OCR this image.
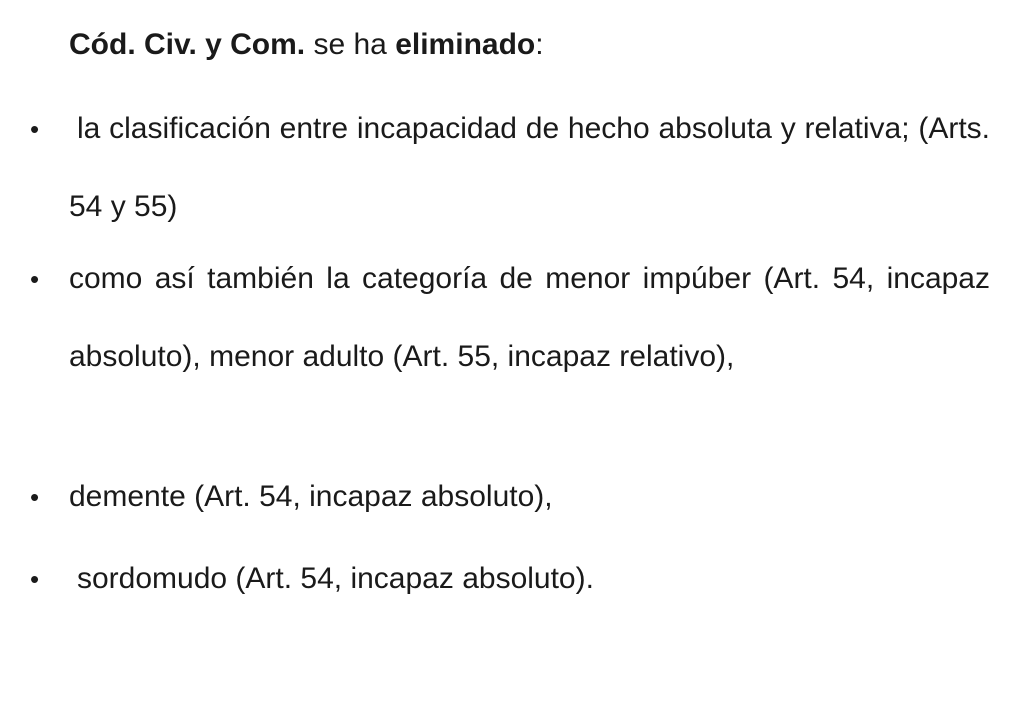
Cód. Civ. y Com. se ha eliminado:

• la clasificación entre incapacidad de hecho absoluta y relativa; (Arts. 54 y 55)
• como así también la categoría de menor impúber (Art. 54, incapaz absoluto), menor adulto (Art. 55, incapaz relativo),
• demente (Art. 54, incapaz absoluto),
• sordomudo (Art. 54, incapaz absoluto).
